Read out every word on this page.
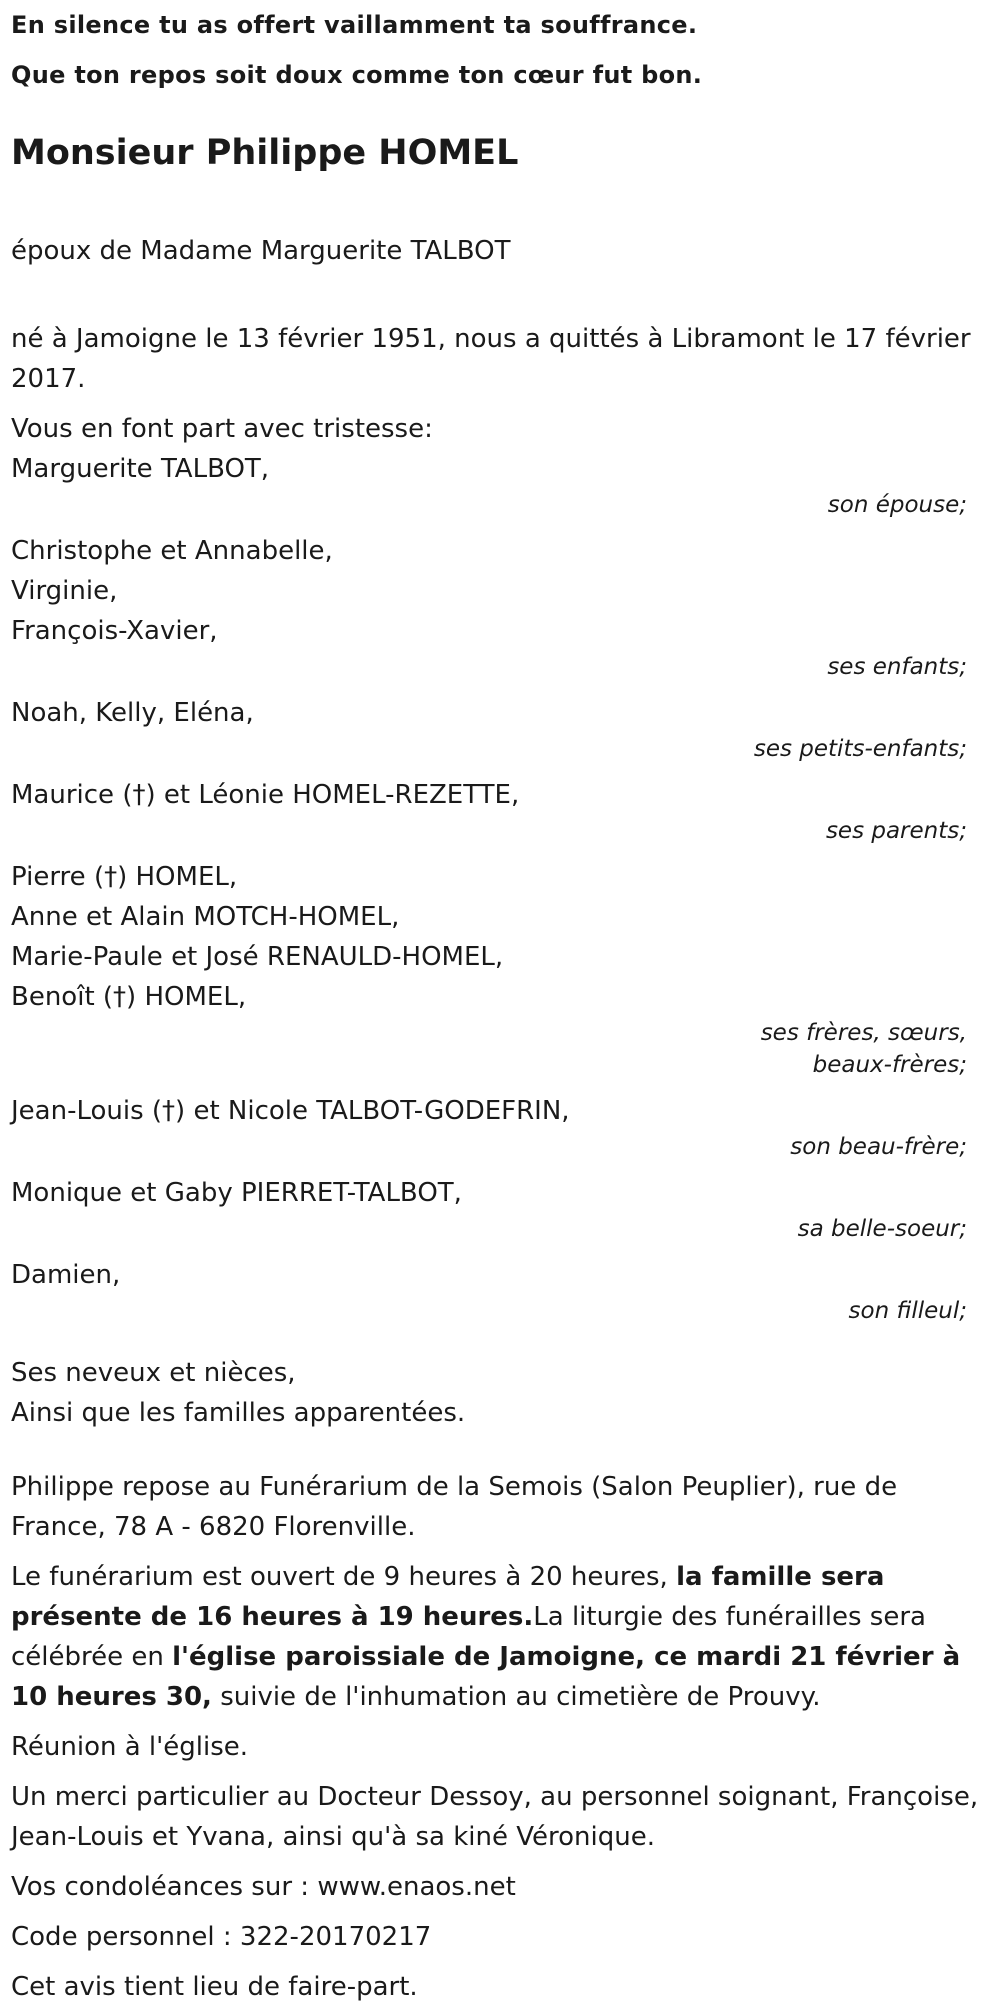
En silence tu as offert vaillamment ta souffrance.

Que ton repos soit doux comme ton cœur fut bon.

Monsieur Philippe HOMEL

époux de Madame Marguerite TALBOT

né à Jamoigne le 13 février 1951, nous a quittés à Libramont le 17 février 2017.

Vous en font part avec tristesse:

Marguerite TALBOT,

son épouse;

Christophe et Annabelle,

Virginie,

François-Xavier,

ses enfants;

Noah, Kelly, Eléna,

ses petits-enfants;

Maurice (†) et Léonie HOMEL-REZETTE,

ses parents;

Pierre (†) HOMEL,

Anne et Alain MOTCH-HOMEL,

Marie-Paule et José RENAULD-HOMEL,

Benoît (†) HOMEL,

ses frères, sœurs,

beaux-frères;

Jean-Louis (†) et Nicole TALBOT-GODEFRIN,

son beau-frère;

Monique et Gaby PIERRET-TALBOT,

sa belle-soeur;

Damien,

son filleul;

Ses neveux et nièces,

Ainsi que les familles apparentées.

Philippe repose au Funérarium de la Semois (Salon Peuplier), rue de France, 78 A - 6820 Florenville.

Le funérarium est ouvert de 9 heures à 20 heures, la famille sera présente de 16 heures à 19 heures.La liturgie des funérailles sera célébrée en l'église paroissiale de Jamoigne, ce mardi 21 février à 10 heures 30, suivie de l'inhumation au cimetière de Prouvy.

Réunion à l'église.

Un merci particulier au Docteur Dessoy, au personnel soignant, Françoise, Jean-Louis et Yvana, ainsi qu'à sa kiné Véronique.

Vos condoléances sur : www.enaos.net

Code personnel : 322-20170217

Cet avis tient lieu de faire-part.
